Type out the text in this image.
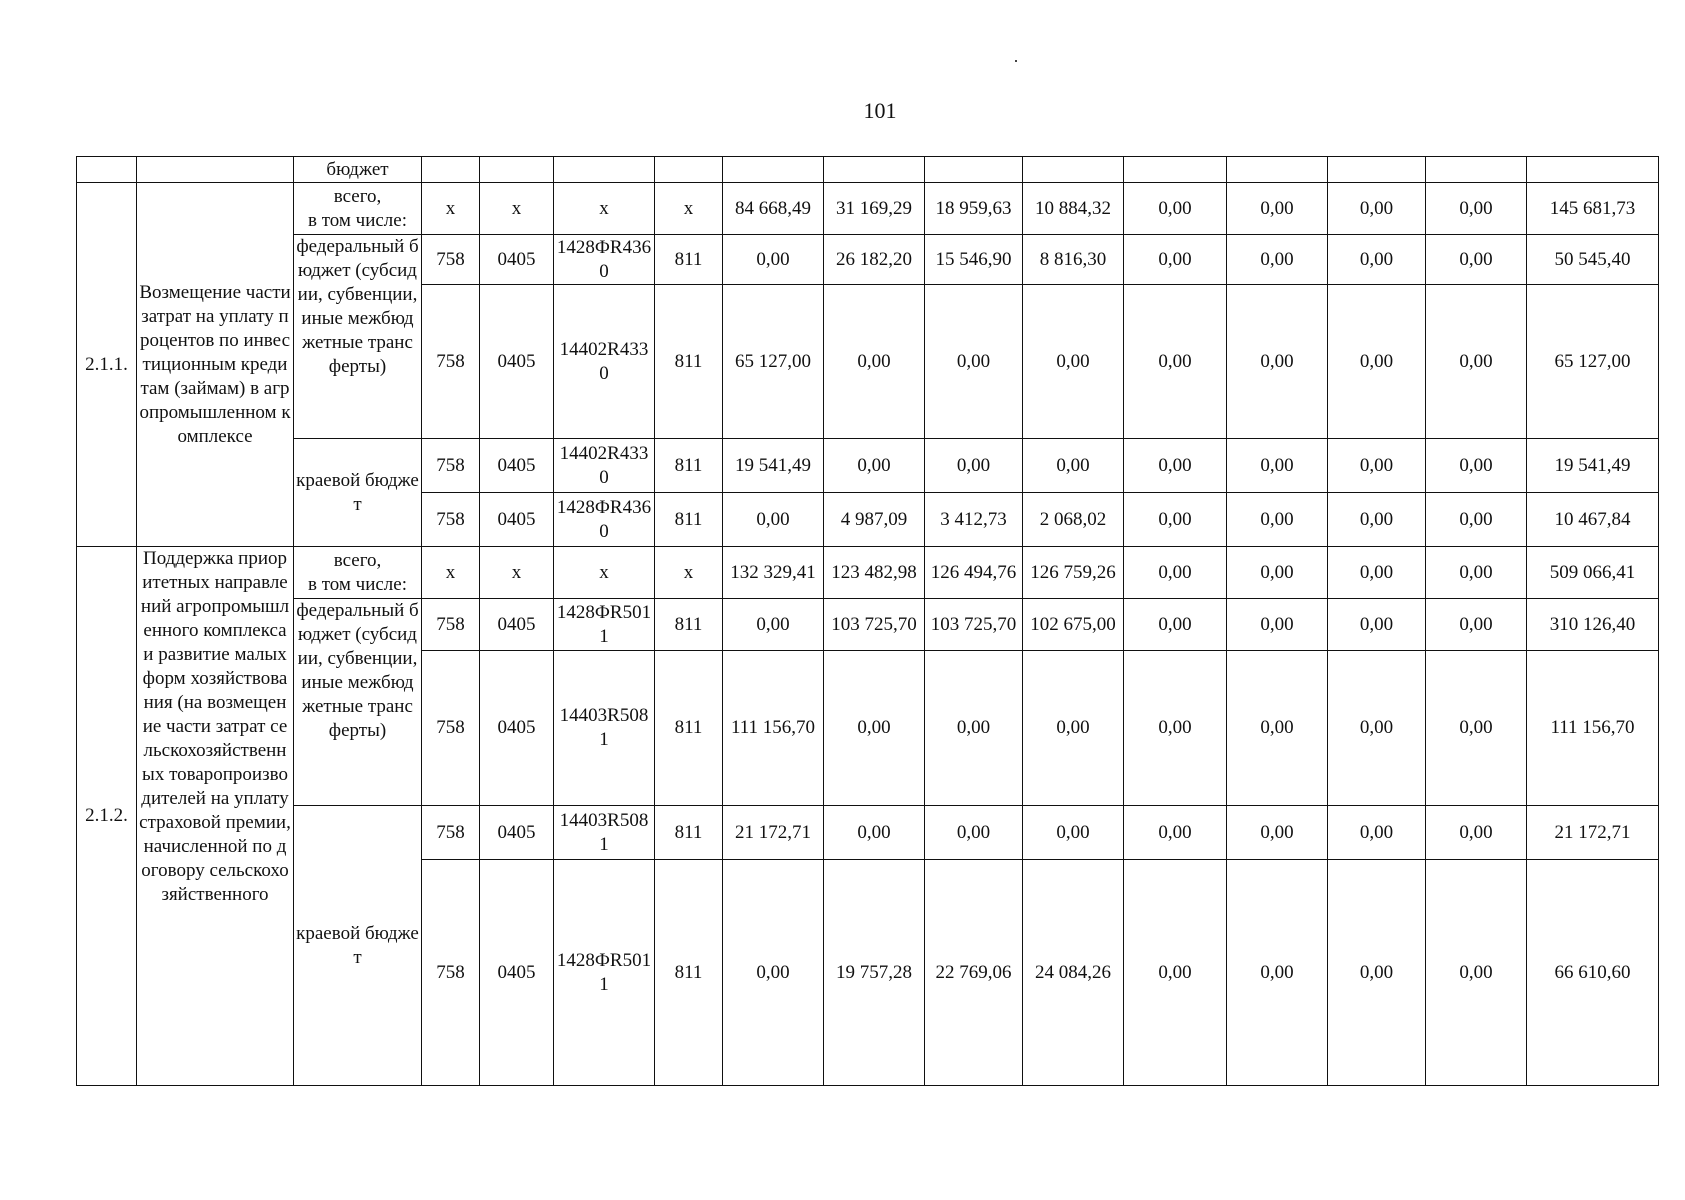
101
		бюджет													
2.1.1.	Возмещение части затрат на уплату процентов по инвестиционным кредитам (займам) в агропромышленном комплексе	всего,
в том числе:	х	х	х	х	84 668,49	31 169,29	18 959,63	10 884,32	0,00	0,00	0,00	0,00	145 681,73
		федеральный бюджет (субсидии, субвенции, иные межбюджетные трансферты)	758	0405	1428ФR4360	811	0,00	26 182,20	15 546,90	8 816,30	0,00	0,00	0,00	0,00	50 545,40
			758	0405	14402R4330	811	65 127,00	0,00	0,00	0,00	0,00	0,00	0,00	0,00	65 127,00
		краевой бюджет	758	0405	14402R4330	811	19 541,49	0,00	0,00	0,00	0,00	0,00	0,00	0,00	19 541,49
			758	0405	1428ФR4360	811	0,00	4 987,09	3 412,73	2 068,02	0,00	0,00	0,00	0,00	10 467,84
2.1.2.	Поддержка приоритетных направлений агропромышленного комплекса и развитие малых форм хозяйствования (на возмещение части затрат сельскохозяйственных товаропроизводителей на уплату страховой премии, начисленной по договору сельскохозяйственного	всего,
в том числе:	х	х	х	х	132 329,41	123 482,98	126 494,76	126 759,26	0,00	0,00	0,00	0,00	509 066,41
		федеральный бюджет (субсидии, субвенции, иные межбюджетные трансферты)	758	0405	1428ФR5011	811	0,00	103 725,70	103 725,70	102 675,00	0,00	0,00	0,00	0,00	310 126,40
			758	0405	14403R5081	811	111 156,70	0,00	0,00	0,00	0,00	0,00	0,00	0,00	111 156,70
		краевой бюджет	758	0405	14403R5081	811	21 172,71	0,00	0,00	0,00	0,00	0,00	0,00	0,00	21 172,71
			758	0405	1428ФR5011	811	0,00	19 757,28	22 769,06	24 084,26	0,00	0,00	0,00	0,00	66 610,60
